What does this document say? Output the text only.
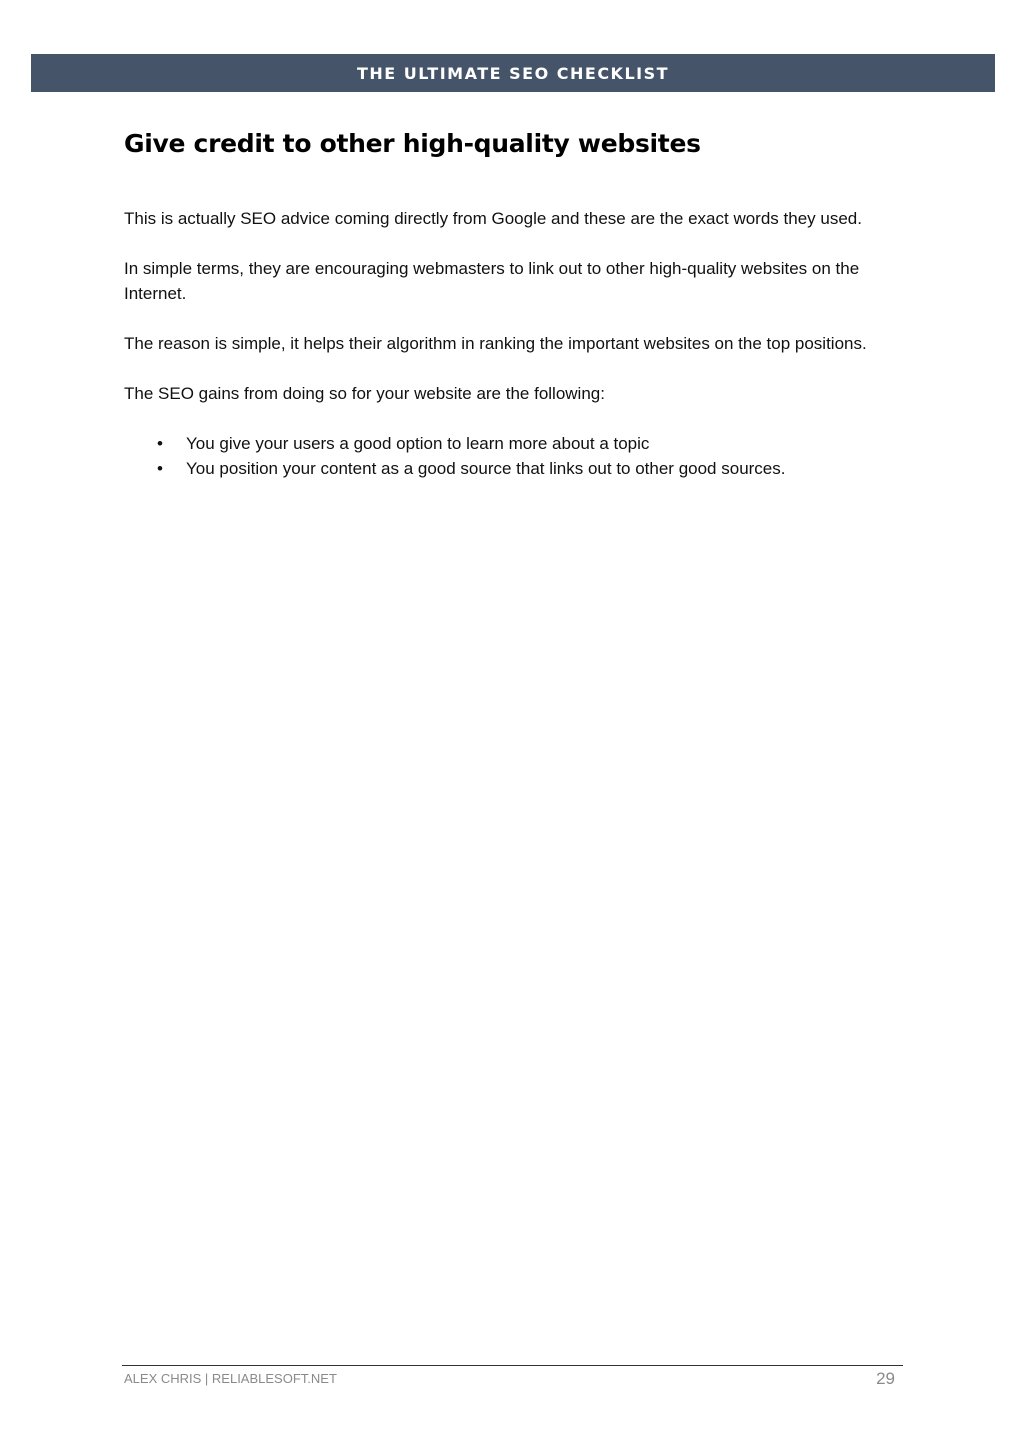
THE ULTIMATE SEO CHECKLIST
Give credit to other high-quality websites

This is actually SEO advice coming directly from Google and these are the exact words they used.

In simple terms, they are encouraging webmasters to link out to other high-quality websites on the Internet.

The reason is simple, it helps their algorithm in ranking the important websites on the top positions.

The SEO gains from doing so for your website are the following:

• You give your users a good option to learn more about a topic
• You position your content as a good source that links out to other good sources.
ALEX CHRIS | RELIABLESOFT.NET	29
